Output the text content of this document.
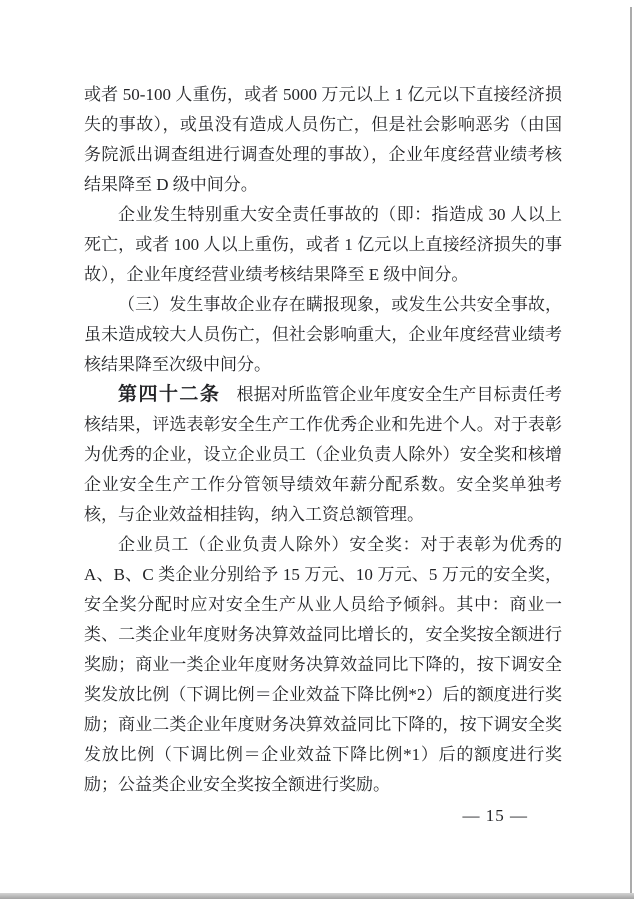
或者 50-100 人重伤，或者 5000 万元以上 1 亿元以下直接经济损失的事故），或虽没有造成人员伤亡，但是社会影响恶劣（由国务院派出调查组进行调查处理的事故），企业年度经营业绩考核结果降至 D 级中间分。

企业发生特别重大安全责任事故的（即：指造成 30 人以上死亡，或者 100 人以上重伤，或者 1 亿元以上直接经济损失的事故），企业年度经营业绩考核结果降至 E 级中间分。

（三）发生事故企业存在瞒报现象，或发生公共安全事故，虽未造成较大人员伤亡，但社会影响重大，企业年度经营业绩考核结果降至次级中间分。

第四十二条 根据对所监管企业年度安全生产目标责任考核结果，评选表彰安全生产工作优秀企业和先进个人。对于表彰为优秀的企业，设立企业员工（企业负责人除外）安全奖和核增企业安全生产工作分管领导绩效年薪分配系数。安全奖单独考核，与企业效益相挂钩，纳入工资总额管理。

企业员工（企业负责人除外）安全奖：对于表彰为优秀的 A、B、C 类企业分别给予 15 万元、10 万元、5 万元的安全奖，安全奖分配时应对安全生产从业人员给予倾斜。其中：商业一类、二类企业年度财务决算效益同比增长的，安全奖按全额进行奖励；商业一类企业年度财务决算效益同比下降的，按下调安全奖发放比例（下调比例＝企业效益下降比例*2）后的额度进行奖励；商业二类企业年度财务决算效益同比下降的，按下调安全奖发放比例（下调比例＝企业效益下降比例*1）后的额度进行奖励；公益类企业安全奖按全额进行奖励。

— 15 —
